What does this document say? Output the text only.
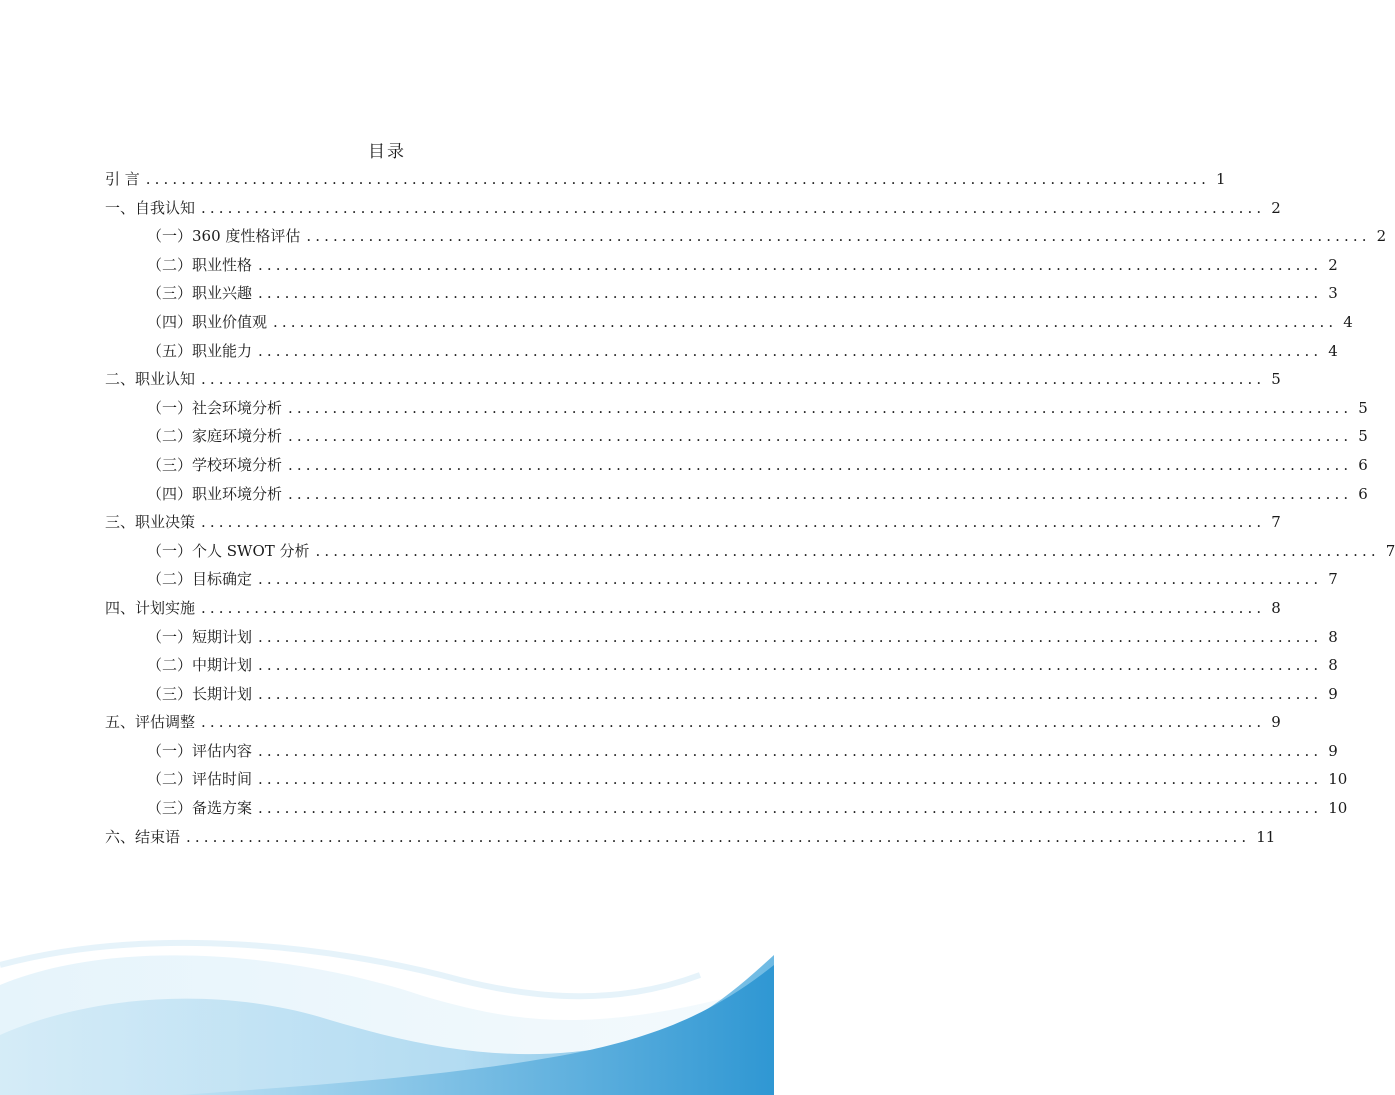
目录
引 言 ........................................................................................................................ 1
一、自我认知 ........................................................................................................................ 2
（一）360 度性格评估 ........................................................................................................................ 2
（二）职业性格 ........................................................................................................................ 2
（三）职业兴趣 ........................................................................................................................ 3
（四）职业价值观 ........................................................................................................................ 4
（五）职业能力 ........................................................................................................................ 4
二、职业认知 ........................................................................................................................ 5
（一）社会环境分析 ........................................................................................................................ 5
（二）家庭环境分析 ........................................................................................................................ 5
（三）学校环境分析 ........................................................................................................................ 6
（四）职业环境分析 ........................................................................................................................ 6
三、职业决策 ........................................................................................................................ 7
（一）个人 SWOT 分析 ........................................................................................................................ 7
（二）目标确定 ........................................................................................................................ 7
四、计划实施 ........................................................................................................................ 8
（一）短期计划 ........................................................................................................................ 8
（二）中期计划 ........................................................................................................................ 8
（三）长期计划 ........................................................................................................................ 9
五、评估调整 ........................................................................................................................ 9
（一）评估内容 ........................................................................................................................ 9
（二）评估时间 ........................................................................................................................ 10
（三）备选方案 ........................................................................................................................ 10
六、结束语 ........................................................................................................................ 11
